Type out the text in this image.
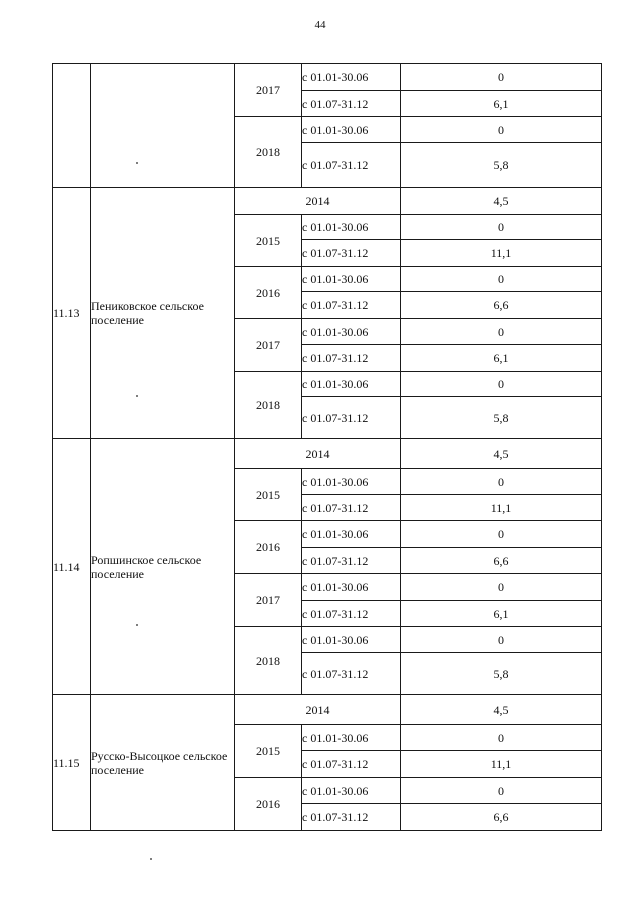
44
		2017	с 01.01-30.06	0
			с 01.07-31.12	6,1
		2018	с 01.01-30.06	0
			с 01.07-31.12	5,8
11.13	Пениковское сельское поселение	2014		4,5
		2015	с 01.01-30.06	0
			с 01.07-31.12	11,1
		2016	с 01.01-30.06	0
			с 01.07-31.12	6,6
		2017	с 01.01-30.06	0
			с 01.07-31.12	6,1
		2018	с 01.01-30.06	0
			с 01.07-31.12	5,8
11.14	Ропшинское сельское поселение	2014		4,5
		2015	с 01.01-30.06	0
			с 01.07-31.12	11,1
		2016	с 01.01-30.06	0
			с 01.07-31.12	6,6
		2017	с 01.01-30.06	0
			с 01.07-31.12	6,1
		2018	с 01.01-30.06	0
			с 01.07-31.12	5,8
11.15	Русско-Высоцкое сельское поселение	2014		4,5
		2015	с 01.01-30.06	0
			с 01.07-31.12	11,1
		2016	с 01.01-30.06	0
			с 01.07-31.12	6,6
